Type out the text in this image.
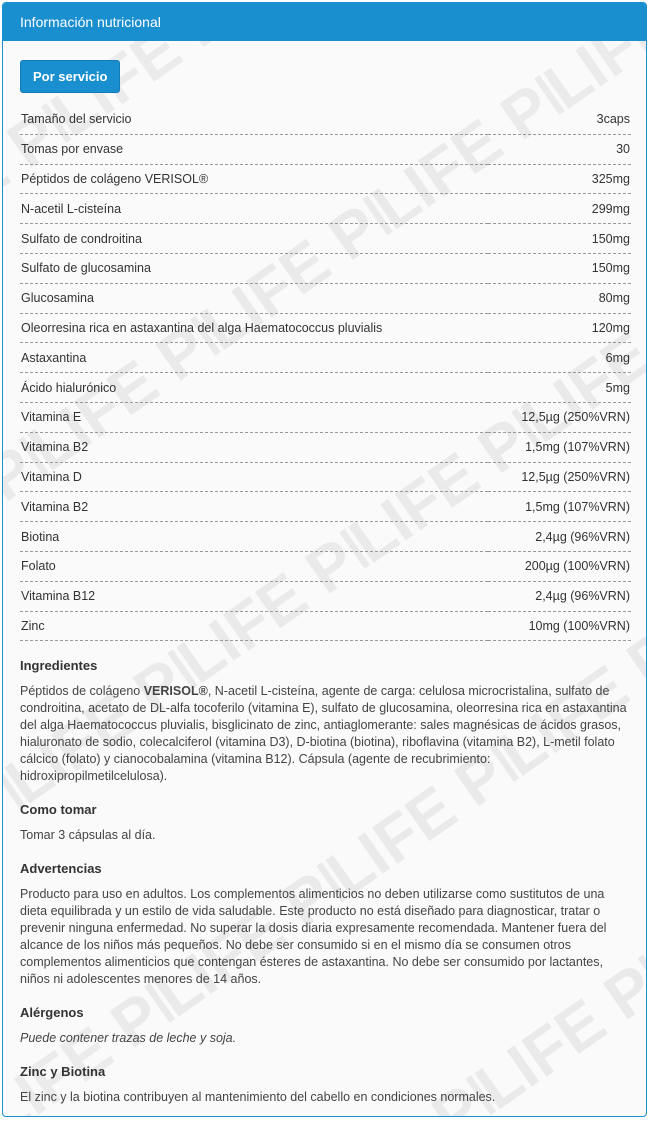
Información nutricional
Por servicio
Tamaño del servicio	3caps
Tomas por envase	30
Péptidos de colágeno VERISOL®	325mg
N-acetil L-cisteína	299mg
Sulfato de condroitina	150mg
Sulfato de glucosamina	150mg
Glucosamina	80mg
Oleorresina rica en astaxantina del alga Haematococcus pluvialis	120mg
Astaxantina	6mg
Ácido hialurónico	5mg
Vitamina E	12,5µg (250%VRN)
Vitamina B2	1,5mg (107%VRN)
Vitamina D	12,5µg (250%VRN)
Vitamina B2	1,5mg (107%VRN)
Biotina	2,4µg (96%VRN)
Folato	200µg (100%VRN)
Vitamina B12	2,4µg (96%VRN)
Zinc	10mg (100%VRN)
Ingredientes

Péptidos de colágeno VERISOL®, N-acetil L-cisteína, agente de carga: celulosa microcristalina, sulfato de condroitina, acetato de DL-alfa tocoferilo (vitamina E), sulfato de glucosamina, oleorresina rica en astaxantina del alga Haematococcus pluvialis, bisglicinato de zinc, antiaglomerante: sales magnésicas de ácidos grasos, hialuronato de sodio, colecalciferol (vitamina D3), D-biotina (biotina), riboflavina (vitamina B2), L-metil folato cálcico (folato) y cianocobalamina (vitamina B12). Cápsula (agente de recubrimiento: hidroxipropilmetilcelulosa).

Como tomar

Tomar 3 cápsulas al día.

Advertencias

Producto para uso en adultos. Los complementos alimenticios no deben utilizarse como sustitutos de una dieta equilibrada y un estilo de vida saludable. Este producto no está diseñado para diagnosticar, tratar o prevenir ninguna enfermedad. No superar la dosis diaria expresamente recomendada. Mantener fuera del alcance de los niños más pequeños. No debe ser consumido si en el mismo día se consumen otros complementos alimenticios que contengan ésteres de astaxantina. No debe ser consumido por lactantes, niños ni adolescentes menores de 14 años.

Alérgenos

Puede contener trazas de leche y soja.

Zinc y Biotina

El zinc y la biotina contribuyen al mantenimiento del cabello en condiciones normales.
